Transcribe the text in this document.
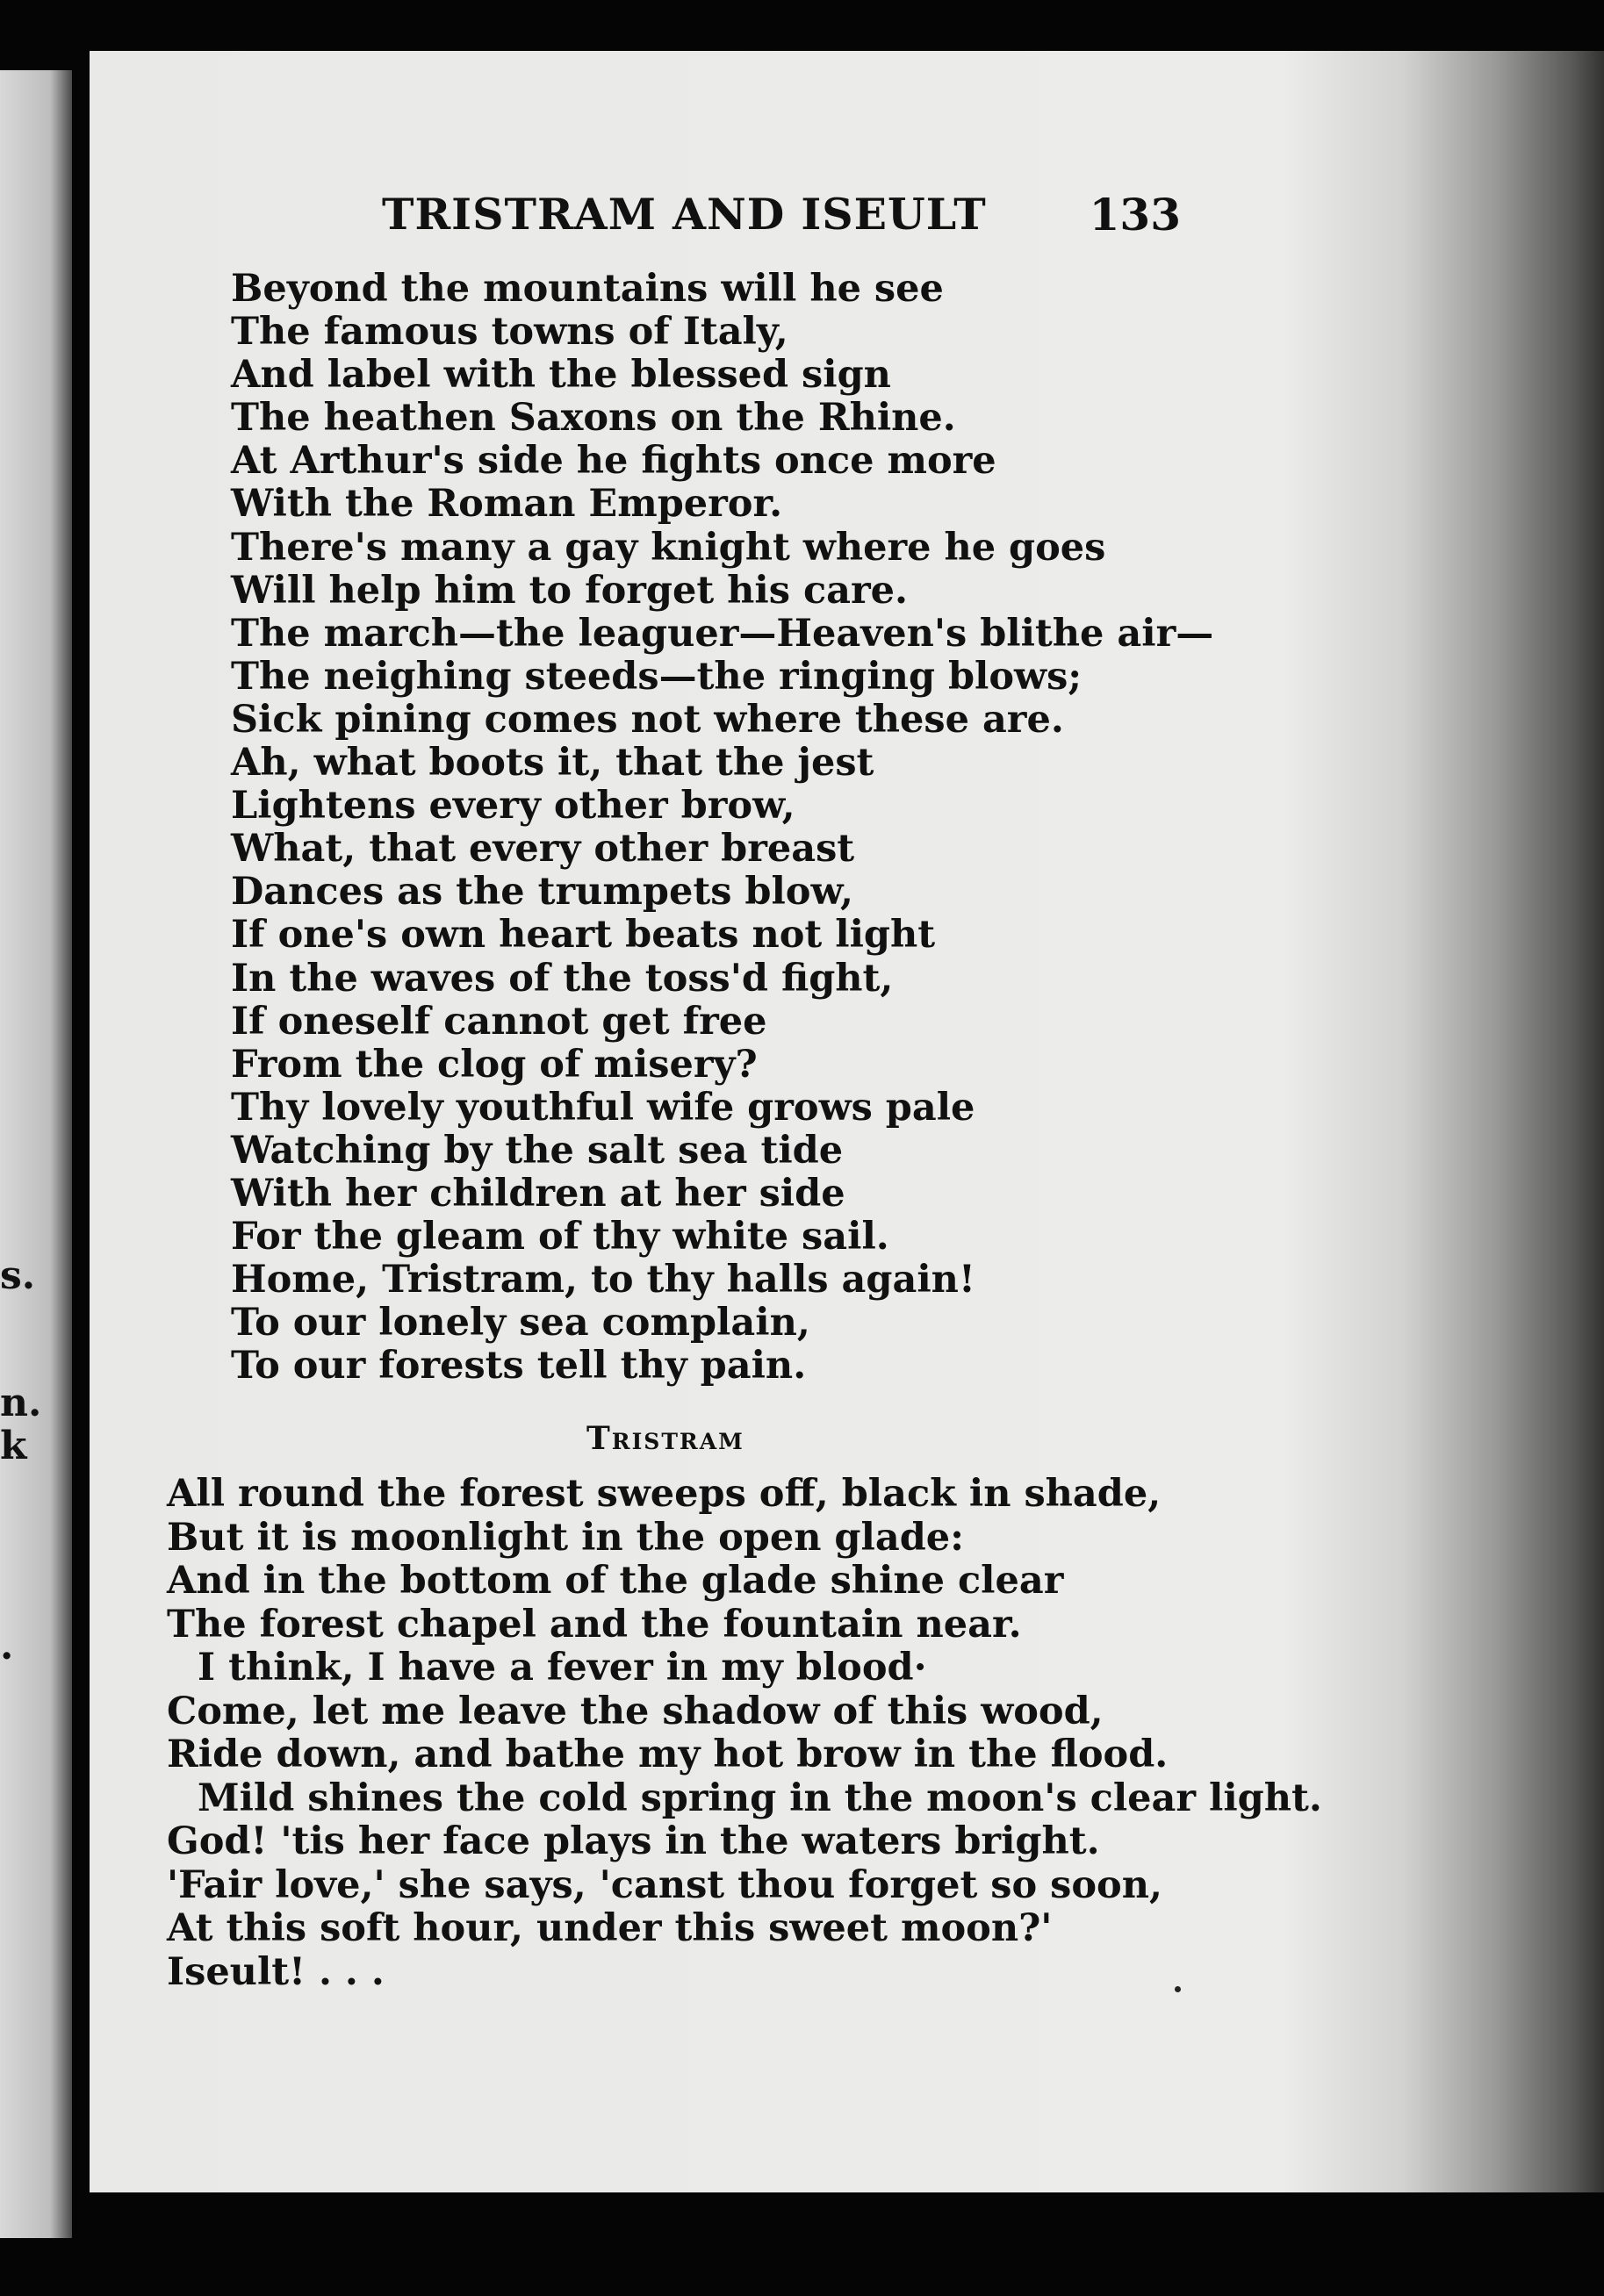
s.
n.
k
.
TRISTRAM AND ISEULT 133
Beyond the mountains will he see
The famous towns of Italy,
And label with the blessed sign
The heathen Saxons on the Rhine.
At Arthur's side he fights once more
With the Roman Emperor.
There's many a gay knight where he goes
Will help him to forget his care.
The march—the leaguer—Heaven's blithe air—
The neighing steeds—the ringing blows;
Sick pining comes not where these are.
Ah, what boots it, that the jest
Lightens every other brow,
What, that every other breast
Dances as the trumpets blow,
If one's own heart beats not light
In the waves of the toss'd fight,
If oneself cannot get free
From the clog of misery?
Thy lovely youthful wife grows pale
Watching by the salt sea tide
With her children at her side
For the gleam of thy white sail.
Home, Tristram, to thy halls again!
To our lonely sea complain,
To our forests tell thy pain.
Tristram
All round the forest sweeps off, black in shade,
But it is moonlight in the open glade:
And in the bottom of the glade shine clear
The forest chapel and the fountain near.
I think, I have a fever in my blood·
Come, let me leave the shadow of this wood,
Ride down, and bathe my hot brow in the flood.
Mild shines the cold spring in the moon's clear light.
God! 'tis her face plays in the waters bright.
'Fair love,' she says, 'canst thou forget so soon,
At this soft hour, under this sweet moon?'
Iseult! . . .
